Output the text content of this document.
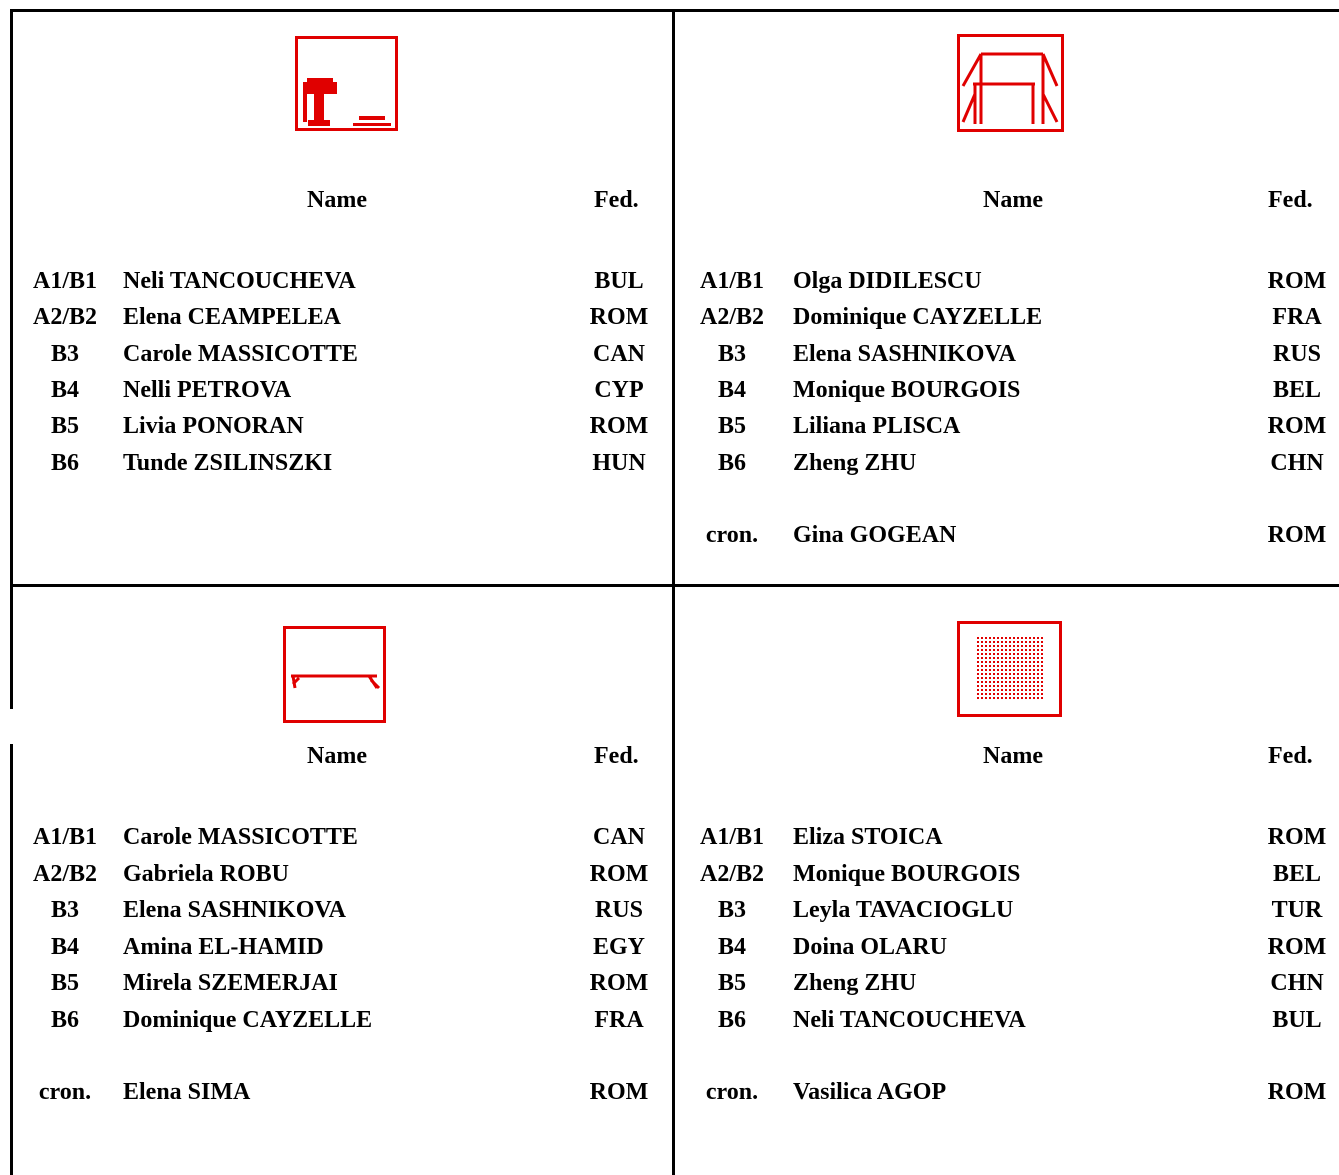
Name	Fed.
A1/B1	Neli TANCOUCHEVA	BUL
A2/B2	Elena CEAMPELEA	ROM
B3	Carole MASSICOTTE	CAN
B4	Nelli PETROVA	CYP
B5	Livia PONORAN	ROM
B6	Tunde ZSILINSZKI	HUN
Name	Fed.
A1/B1	Olga DIDILESCU	ROM
A2/B2	Dominique CAYZELLE	FRA
B3	Elena SASHNIKOVA	RUS
B4	Monique BOURGOIS	BEL
B5	Liliana PLISCA	ROM
B6	Zheng ZHU	CHN
cron.	Gina GOGEAN	ROM
Name	Fed.
A1/B1	Carole MASSICOTTE	CAN
A2/B2	Gabriela ROBU	ROM
B3	Elena SASHNIKOVA	RUS
B4	Amina EL-HAMID	EGY
B5	Mirela SZEMERJAI	ROM
B6	Dominique CAYZELLE	FRA
cron.	Elena SIMA	ROM
Name	Fed.
A1/B1	Eliza STOICA	ROM
A2/B2	Monique BOURGOIS	BEL
B3	Leyla TAVACIOGLU	TUR
B4	Doina OLARU	ROM
B5	Zheng ZHU	CHN
B6	Neli TANCOUCHEVA	BUL
cron.	Vasilica AGOP	ROM
